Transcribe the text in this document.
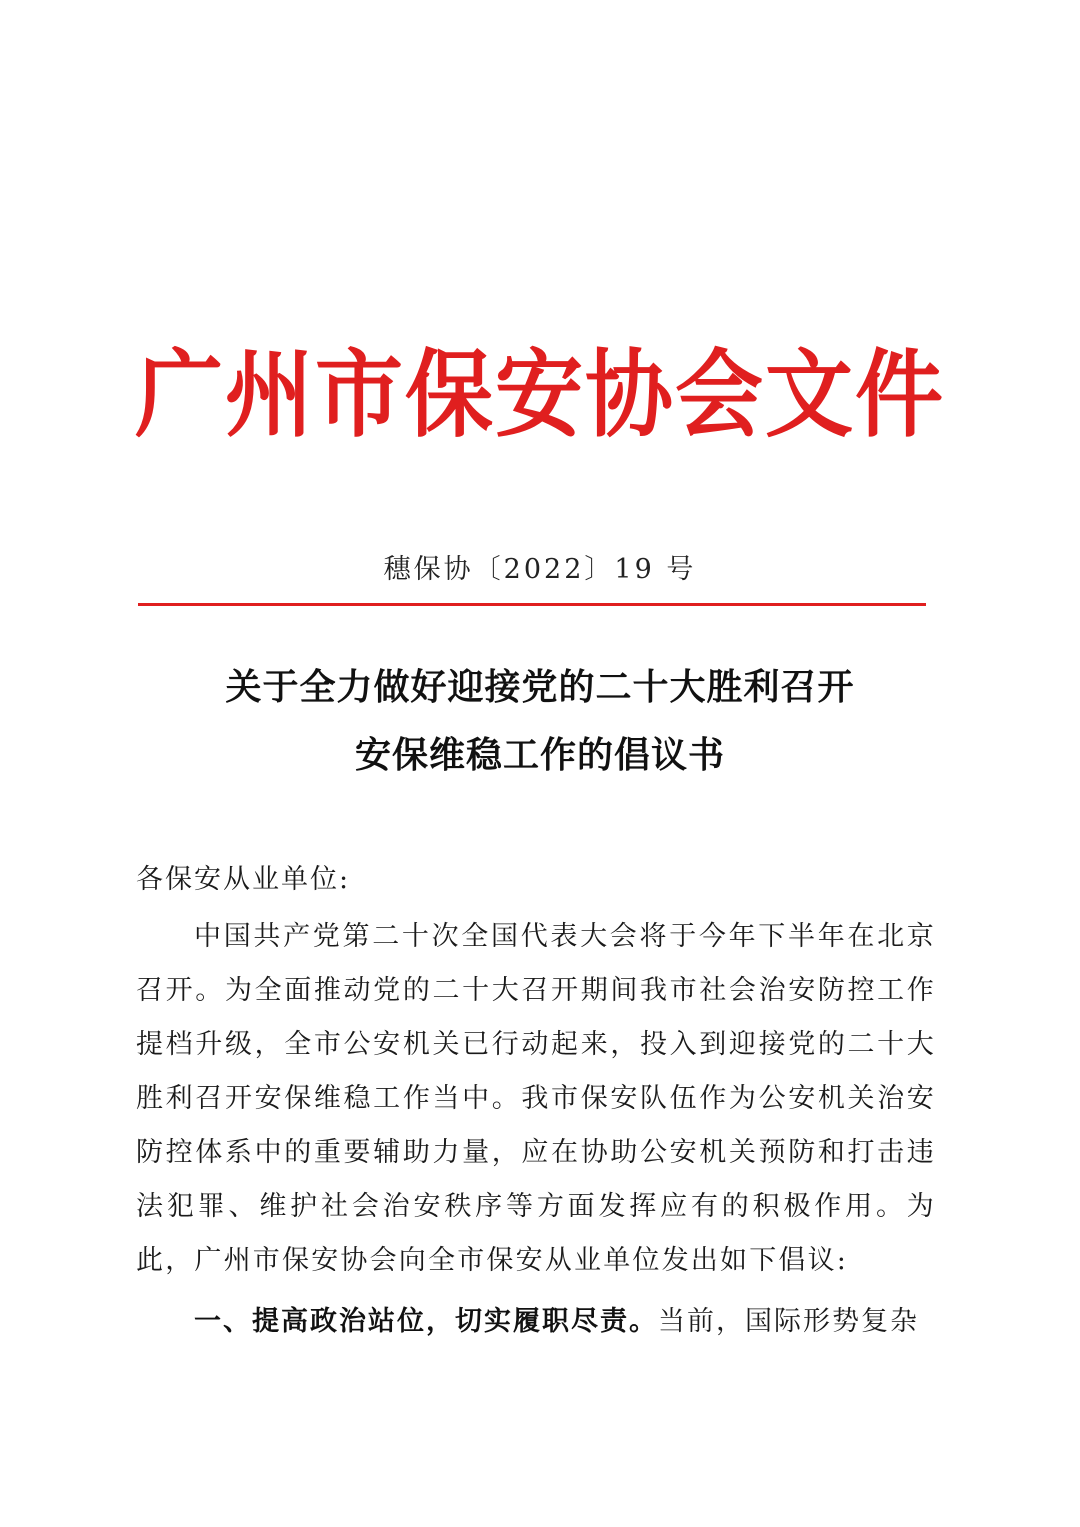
广州市保安协会文件
穗保协〔2022〕19 号
关于全力做好迎接党的二十大胜利召开
安保维稳工作的倡议书
各保安从业单位:
中国共产党第二十次全国代表大会将于今年下半年在北京召开。为全面推动党的二十大召开期间我市社会治安防控工作提档升级，全市公安机关已行动起来，投入到迎接党的二十大胜利召开安保维稳工作当中。我市保安队伍作为公安机关治安防控体系中的重要辅助力量，应在协助公安机关预防和打击违法犯罪、维护社会治安秩序等方面发挥应有的积极作用。为此，广州市保安协会向全市保安从业单位发出如下倡议:
一、提高政治站位，切实履职尽责。当前，国际形势复杂
